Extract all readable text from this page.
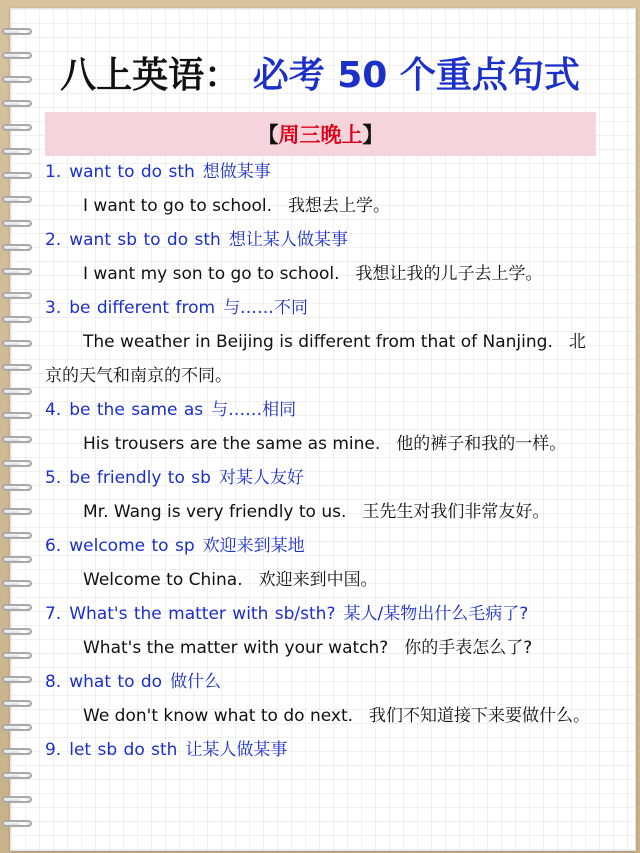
八上英语： 必考 50 个重点句式
【 周三晚上 】
1. want to do sth 想做某事
I want to go to school. 我想去上学。
2. want sb to do sth 想让某人做某事
I want my son to go to school. 我想让我的儿子去上学。
3. be different from 与……不同
The weather in Beijing is different from that of Nanjing. 北京的天气和南京的不同。
4. be the same as 与……相同
His trousers are the same as mine. 他的裤子和我的一样。
5. be friendly to sb 对某人友好
Mr. Wang is very friendly to us. 王先生对我们非常友好。
6. welcome to sp 欢迎来到某地
Welcome to China. 欢迎来到中国。
7. What's the matter with sb/sth? 某人/某物出什么毛病了?
What's the matter with your watch? 你的手表怎么了?
8. what to do 做什么
We don't know what to do next. 我们不知道接下来要做什么。
9. let sb do sth 让某人做某事
